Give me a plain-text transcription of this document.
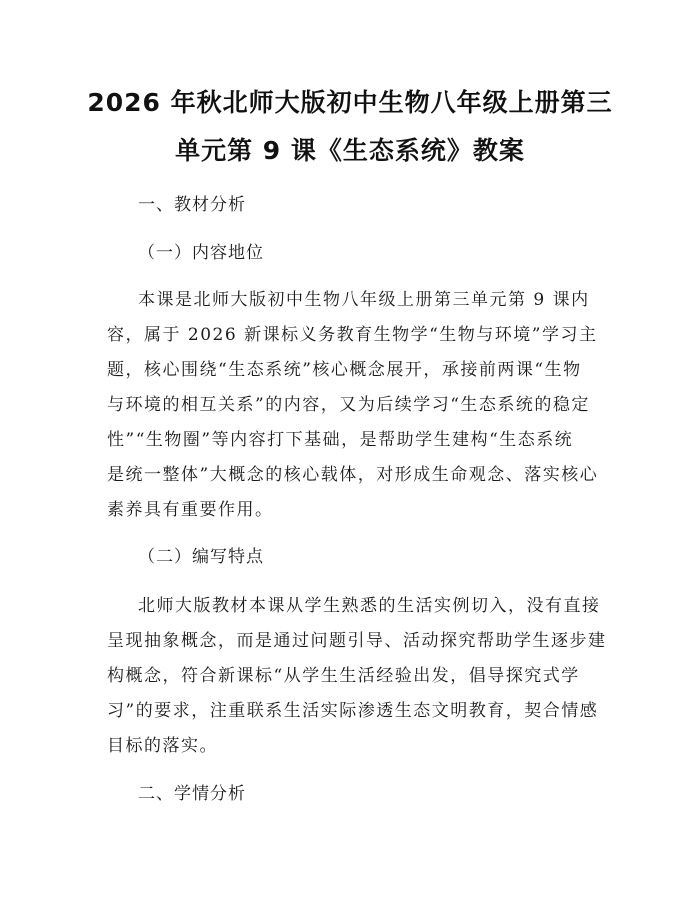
2026 年秋北师大版初中生物八年级上册第三
单元第 9 课《生态系统》教案
一、教材分析
（一）内容地位
本课是北师大版初中生物八年级上册第三单元第 9 课内
容，属于 2026 新课标义务教育生物学“生物与环境”学习主
题，核心围绕“生态系统”核心概念展开，承接前两课“生物
与环境的相互关系”的内容，又为后续学习“生态系统的稳定
性”“生物圈”等内容打下基础，是帮助学生建构“生态系统
是统一整体”大概念的核心载体，对形成生命观念、落实核心
素养具有重要作用。
（二）编写特点
北师大版教材本课从学生熟悉的生活实例切入，没有直接
呈现抽象概念，而是通过问题引导、活动探究帮助学生逐步建
构概念，符合新课标“从学生生活经验出发，倡导探究式学
习”的要求，注重联系生活实际渗透生态文明教育，契合情感
目标的落实。
二、学情分析
